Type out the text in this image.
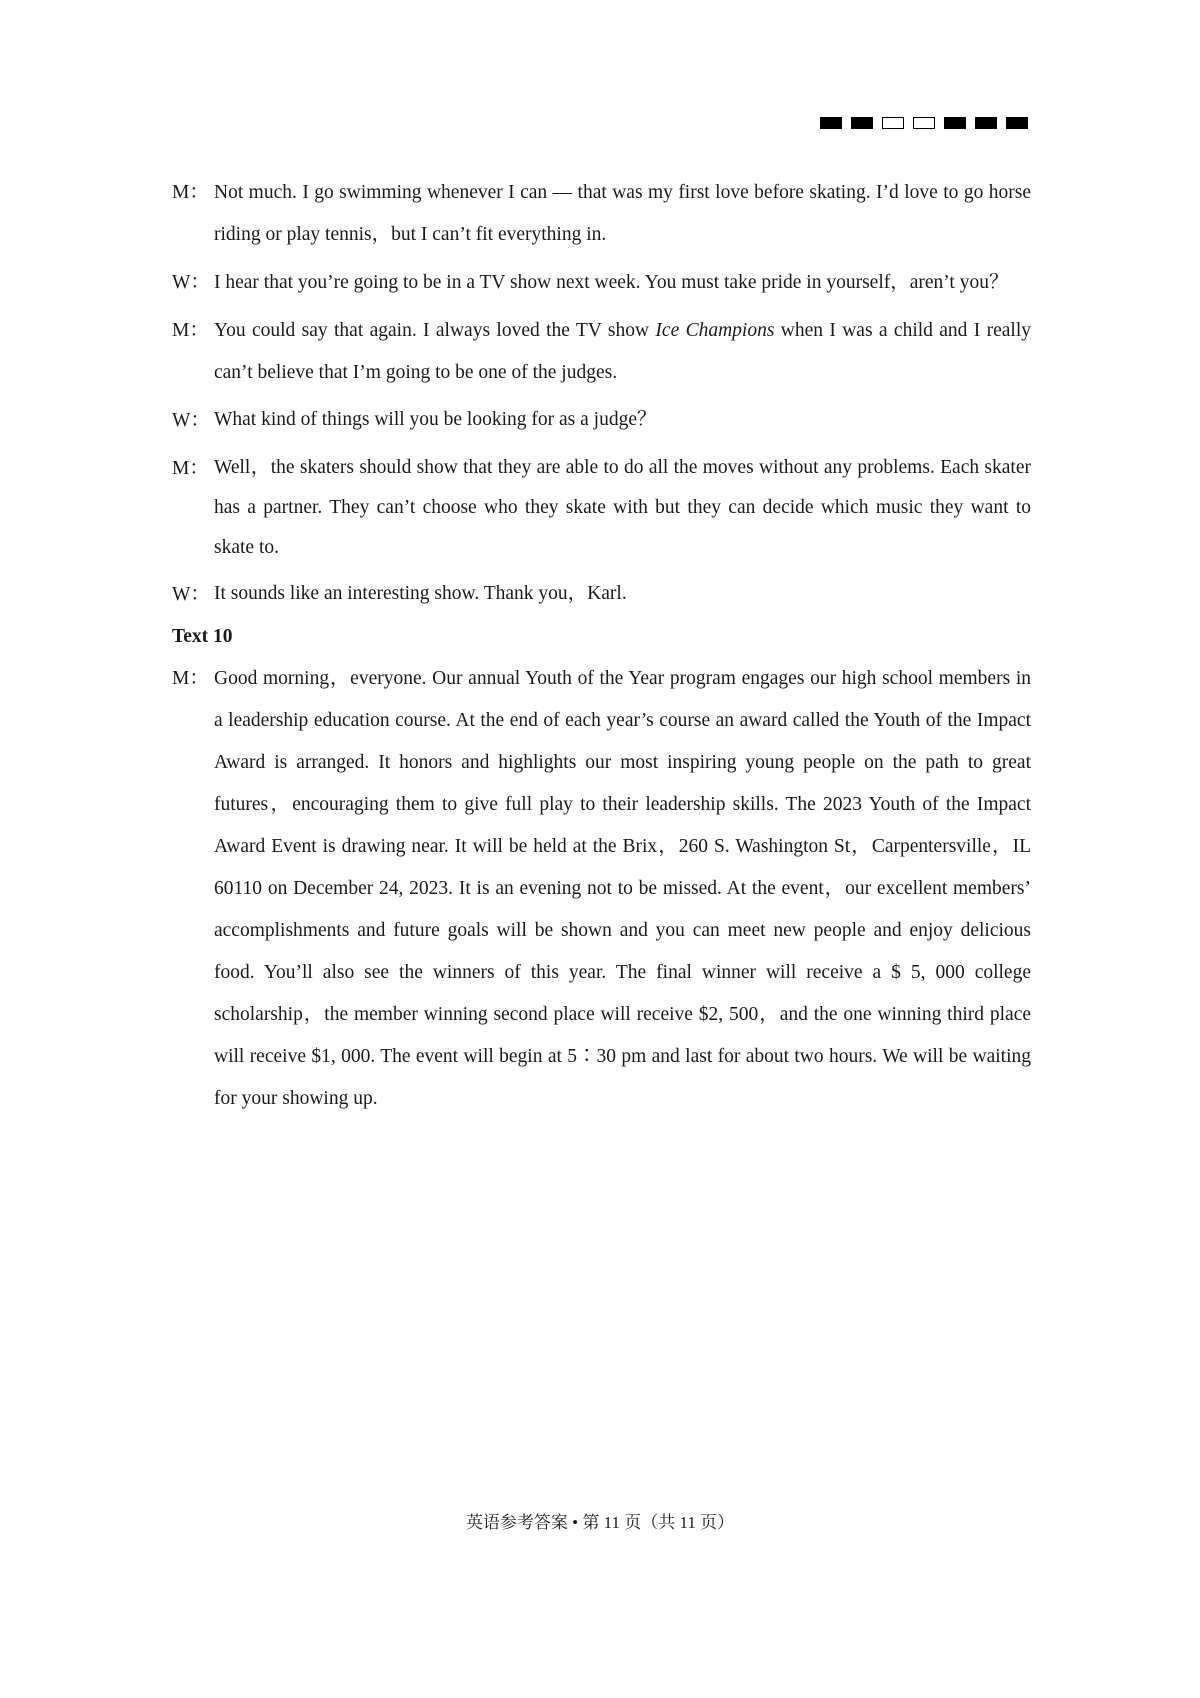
M： Not much. I go swimming whenever I can — that was my first love before skating. I’d love to go horse riding or play tennis，but I can’t fit everything in.
W： I hear that you’re going to be in a TV show next week. You must take pride in yourself，aren’t you？
M： You could say that again. I always loved the TV show Ice Champions when I was a child and I really can’t believe that I’m going to be one of the judges.
W： What kind of things will you be looking for as a judge？
M： Well，the skaters should show that they are able to do all the moves without any problems. Each skater has a partner. They can’t choose who they skate with but they can decide which music they want to skate to.
W： It sounds like an interesting show. Thank you，Karl.
Text 10
M： Good morning，everyone. Our annual Youth of the Year program engages our high school members in a leadership education course. At the end of each year’s course an award called the Youth of the Impact Award is arranged. It honors and highlights our most inspiring young people on the path to great futures，encouraging them to give full play to their leadership skills. The 2023 Youth of the Impact Award Event is drawing near. It will be held at the Brix，260 S. Washington St，Carpentersville，IL 60110 on December 24, 2023. It is an evening not to be missed. At the event，our excellent members’ accomplishments and future goals will be shown and you can meet new people and enjoy delicious food. You’ll also see the winners of this year. The final winner will receive a $ 5, 000 college scholarship，the member winning second place will receive $2, 500，and the one winning third place will receive $1, 000. The event will begin at 5∶30 pm and last for about two hours. We will be waiting for your showing up.
英语参考答案 • 第 11 页（共 11 页）
